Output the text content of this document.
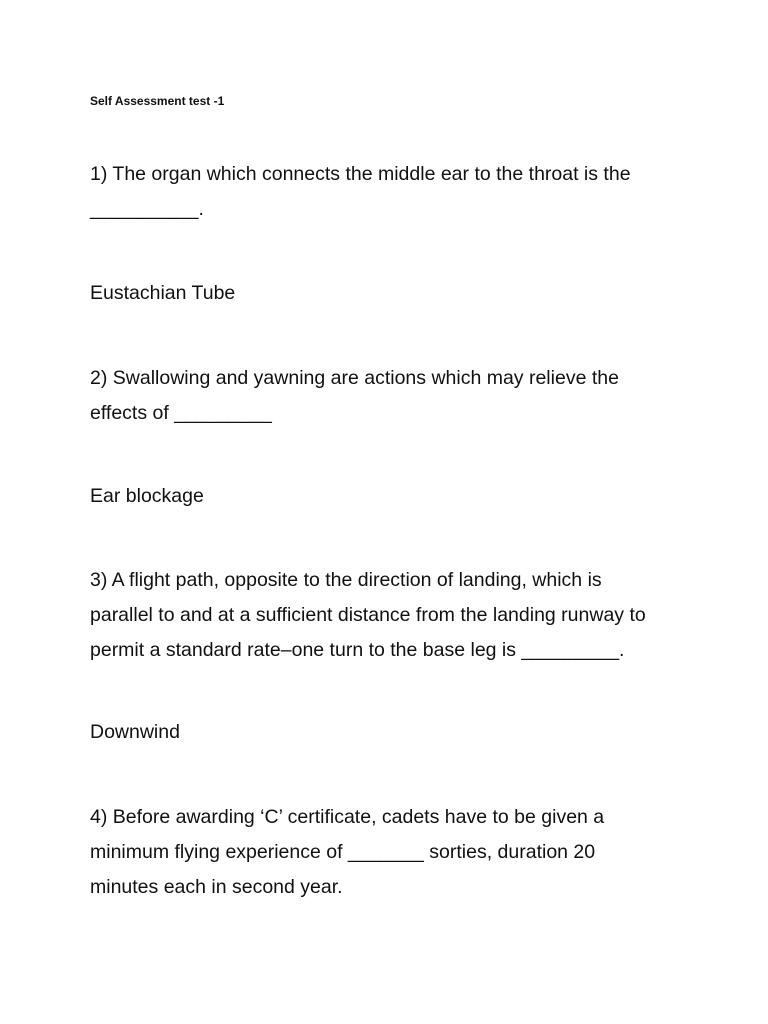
Self Assessment test -1

1) The organ which connects the middle ear to the throat is the
__________.

Eustachian Tube

2) Swallowing and yawning are actions which may relieve the
effects of _________

Ear blockage

3) A flight path, opposite to the direction of landing, which is
parallel to and at a sufficient distance from the landing runway to
permit a standard rate–one turn to the base leg is _________.

Downwind

4) Before awarding ‘C’ certificate, cadets have to be given a
minimum flying experience of _______ sorties, duration 20
minutes each in second year.
